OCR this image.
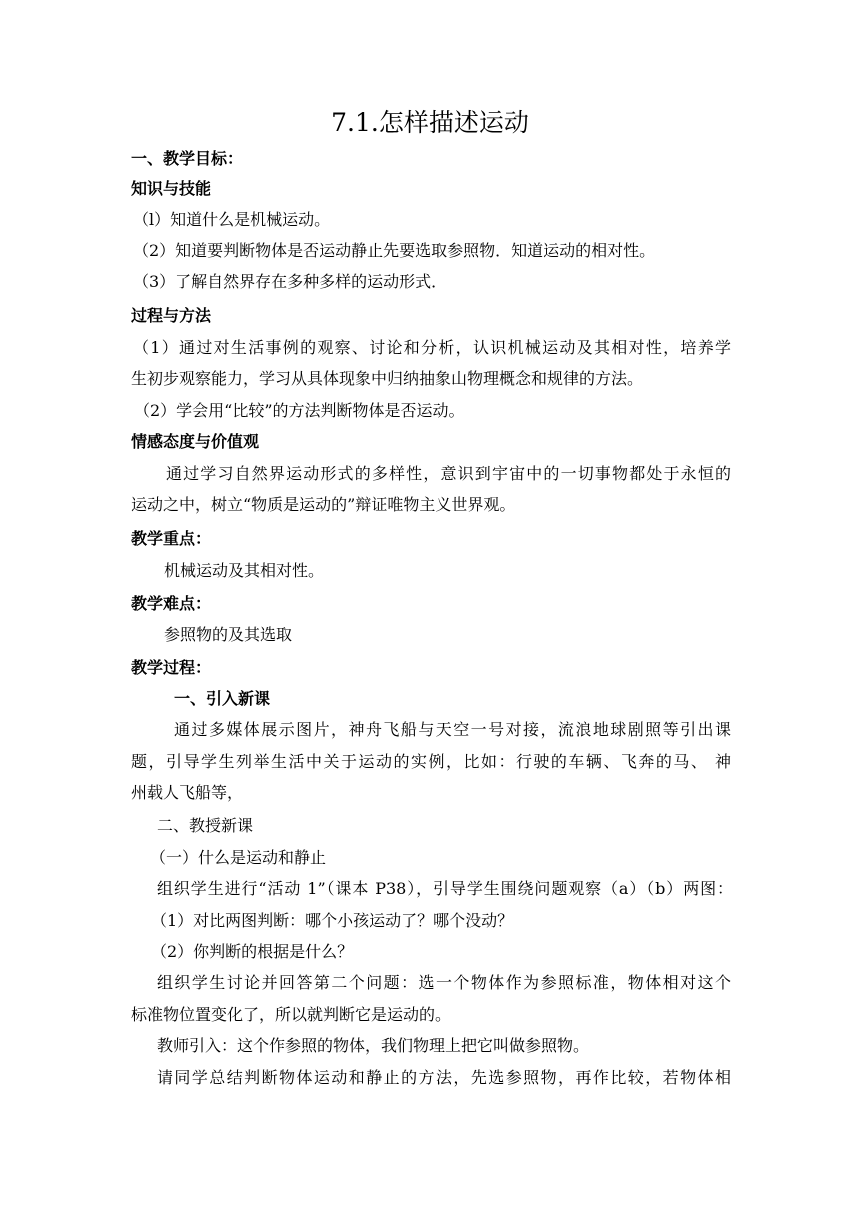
7.1.怎样描述运动
一、教学目标：
知识与技能
（l）知道什么是机械运动。
（2）知道要判断物体是否运动静止先要选取参照物．知道运动的相对性。
（3）了解自然界存在多种多样的运动形式．
过程与方法
（1）通过对生活事例的观察、讨论和分析，认识机械运动及其相对性，培养学
生初步观察能力，学习从具体现象中归纳抽象山物理概念和规律的方法。
（2）学会用“比较”的方法判断物体是否运动。
情感态度与价值观
通过学习自然界运动形式的多样性，意识到宇宙中的一切事物都处于永恒的
运动之中，树立“物质是运动的”辩证唯物主义世界观。
教学重点：
机械运动及其相对性。
教学难点：
参照物的及其选取
教学过程：
一、引入新课
通过多媒体展示图片，神舟飞船与天空一号对接，流浪地球剧照等引出课
题，引导学生列举生活中关于运动的实例，比如：行驶的车辆、飞奔的马、 神
州载人飞船等，
二、教授新课
（一）什么是运动和静止
组织学生进行“活动 1”（课本 P38），引导学生围绕问题观察（a）（b）两图：
（1）对比两图判断：哪个小孩运动了？哪个没动？
（2）你判断的根据是什么？
组织学生讨论并回答第二个问题：选一个物体作为参照标准，物体相对这个
标准物位置变化了，所以就判断它是运动的。
教师引入：这个作参照的物体，我们物理上把它叫做参照物。
请同学总结判断物体运动和静止的方法，先选参照物，再作比较，若物体相
